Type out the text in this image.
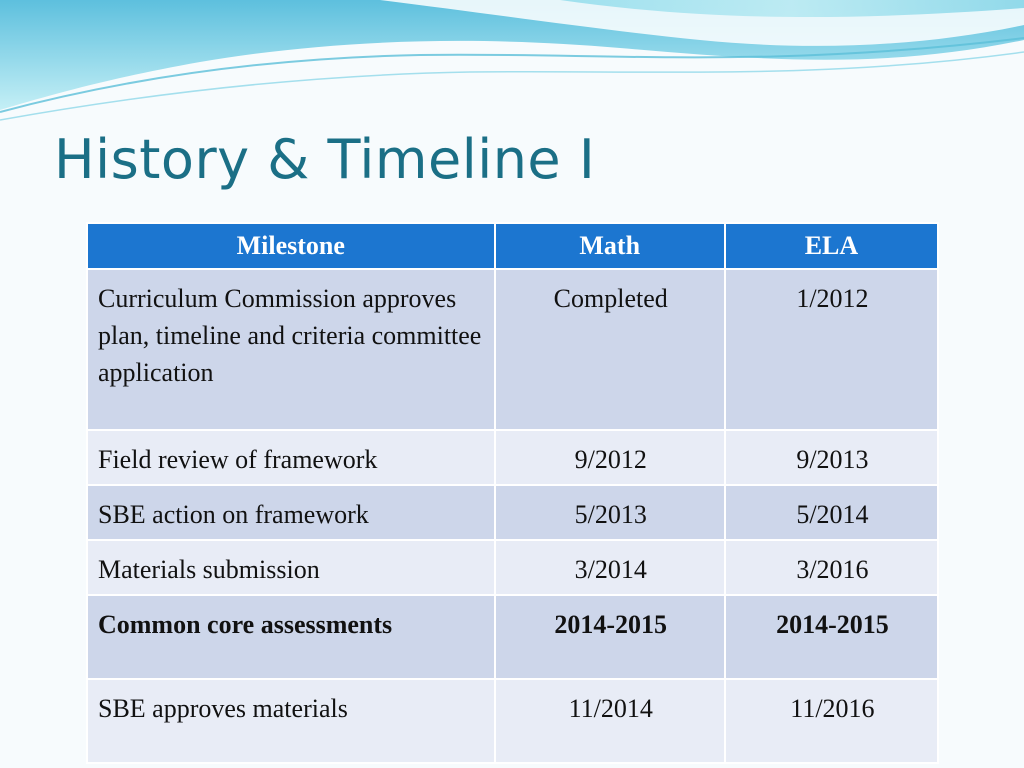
History & Timeline I
Milestone	Math	ELA
Curriculum Commission approves plan, timeline and criteria committee application	Completed	1/2012
Field review of framework	9/2012	9/2013
SBE action on framework	5/2013	5/2014
Materials submission	3/2014	3/2016
Common core assessments	2014-2015	2014-2015
SBE approves materials	11/2014	11/2016
